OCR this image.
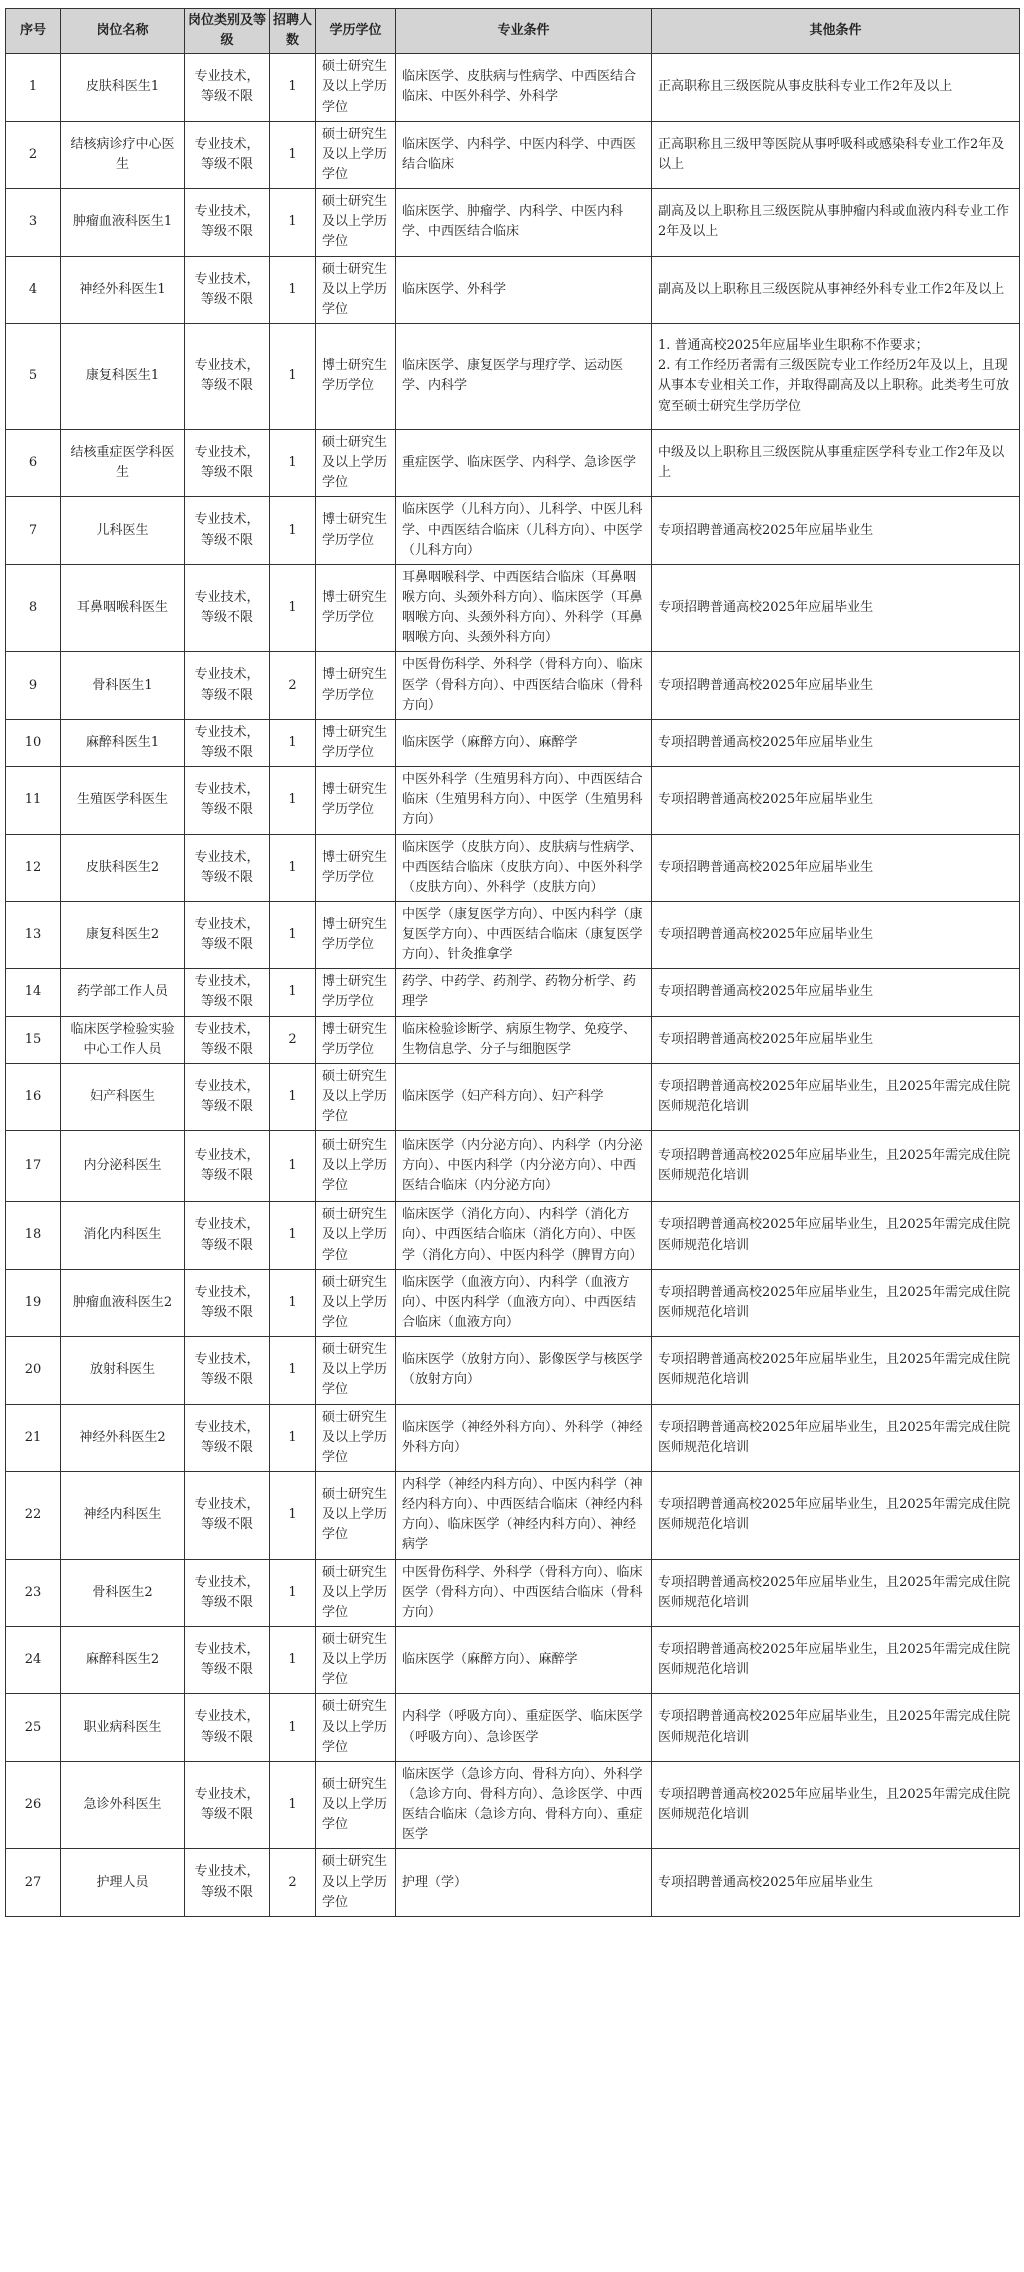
序号	岗位名称	岗位类别及等级	招聘人数	学历学位	专业条件	其他条件
1	皮肤科医生1	专业技术，等级不限	1	硕士研究生及以上学历学位	临床医学、皮肤病与性病学、中西医结合临床、中医外科学、外科学	正高职称且三级医院从事皮肤科专业工作2年及以上
2	结核病诊疗中心医生	专业技术，等级不限	1	硕士研究生及以上学历学位	临床医学、内科学、中医内科学、中西医结合临床	正高职称且三级甲等医院从事呼吸科或感染科专业工作2年及以上
3	肿瘤血液科医生1	专业技术，等级不限	1	硕士研究生及以上学历学位	临床医学、肿瘤学、内科学、中医内科学、中西医结合临床	副高及以上职称且三级医院从事肿瘤内科或血液内科专业工作2年及以上
4	神经外科医生1	专业技术，等级不限	1	硕士研究生及以上学历学位	临床医学、外科学	副高及以上职称且三级医院从事神经外科专业工作2年及以上
5	康复科医生1	专业技术，等级不限	1	博士研究生学历学位	临床医学、康复医学与理疗学、运动医学、内科学	1. 普通高校2025年应届毕业生职称不作要求；
2. 有工作经历者需有三级医院专业工作经历2年及以上，且现从事本专业相关工作，并取得副高及以上职称。此类考生可放宽至硕士研究生学历学位
6	结核重症医学科医生	专业技术，等级不限	1	硕士研究生及以上学历学位	重症医学、临床医学、内科学、急诊医学	中级及以上职称且三级医院从事重症医学科专业工作2年及以上
7	儿科医生	专业技术，等级不限	1	博士研究生学历学位	临床医学（儿科方向）、儿科学、中医儿科学、中西医结合临床（儿科方向）、中医学（儿科方向）	专项招聘普通高校2025年应届毕业生
8	耳鼻咽喉科医生	专业技术，等级不限	1	博士研究生学历学位	耳鼻咽喉科学、中西医结合临床（耳鼻咽喉方向、头颈外科方向）、临床医学（耳鼻咽喉方向、头颈外科方向）、外科学（耳鼻咽喉方向、头颈外科方向）	专项招聘普通高校2025年应届毕业生
9	骨科医生1	专业技术，等级不限	2	博士研究生学历学位	中医骨伤科学、外科学（骨科方向）、临床医学（骨科方向）、中西医结合临床（骨科方向）	专项招聘普通高校2025年应届毕业生
10	麻醉科医生1	专业技术，等级不限	1	博士研究生学历学位	临床医学（麻醉方向）、麻醉学	专项招聘普通高校2025年应届毕业生
11	生殖医学科医生	专业技术，等级不限	1	博士研究生学历学位	中医外科学（生殖男科方向）、中西医结合临床（生殖男科方向）、中医学（生殖男科方向）	专项招聘普通高校2025年应届毕业生
12	皮肤科医生2	专业技术，等级不限	1	博士研究生学历学位	临床医学（皮肤方向）、皮肤病与性病学、中西医结合临床（皮肤方向）、中医外科学（皮肤方向）、外科学（皮肤方向）	专项招聘普通高校2025年应届毕业生
13	康复科医生2	专业技术，等级不限	1	博士研究生学历学位	中医学（康复医学方向）、中医内科学（康复医学方向）、中西医结合临床（康复医学方向）、针灸推拿学	专项招聘普通高校2025年应届毕业生
14	药学部工作人员	专业技术，等级不限	1	博士研究生学历学位	药学、中药学、药剂学、药物分析学、药理学	专项招聘普通高校2025年应届毕业生
15	临床医学检验实验中心工作人员	专业技术，等级不限	2	博士研究生学历学位	临床检验诊断学、病原生物学、免疫学、生物信息学、分子与细胞医学	专项招聘普通高校2025年应届毕业生
16	妇产科医生	专业技术，等级不限	1	硕士研究生及以上学历学位	临床医学（妇产科方向）、妇产科学	专项招聘普通高校2025年应届毕业生，且2025年需完成住院医师规范化培训
17	内分泌科医生	专业技术，等级不限	1	硕士研究生及以上学历学位	临床医学（内分泌方向）、内科学（内分泌方向）、中医内科学（内分泌方向）、中西医结合临床（内分泌方向）	专项招聘普通高校2025年应届毕业生，且2025年需完成住院医师规范化培训
18	消化内科医生	专业技术，等级不限	1	硕士研究生及以上学历学位	临床医学（消化方向）、内科学（消化方向）、中西医结合临床（消化方向）、中医学（消化方向）、中医内科学（脾胃方向）	专项招聘普通高校2025年应届毕业生，且2025年需完成住院医师规范化培训
19	肿瘤血液科医生2	专业技术，等级不限	1	硕士研究生及以上学历学位	临床医学（血液方向）、内科学（血液方向）、中医内科学（血液方向）、中西医结合临床（血液方向）	专项招聘普通高校2025年应届毕业生，且2025年需完成住院医师规范化培训
20	放射科医生	专业技术，等级不限	1	硕士研究生及以上学历学位	临床医学（放射方向）、影像医学与核医学（放射方向）	专项招聘普通高校2025年应届毕业生，且2025年需完成住院医师规范化培训
21	神经外科医生2	专业技术，等级不限	1	硕士研究生及以上学历学位	临床医学（神经外科方向）、外科学（神经外科方向）	专项招聘普通高校2025年应届毕业生，且2025年需完成住院医师规范化培训
22	神经内科医生	专业技术，等级不限	1	硕士研究生及以上学历学位	内科学（神经内科方向）、中医内科学（神经内科方向）、中西医结合临床（神经内科方向）、临床医学（神经内科方向）、神经病学	专项招聘普通高校2025年应届毕业生，且2025年需完成住院医师规范化培训
23	骨科医生2	专业技术，等级不限	1	硕士研究生及以上学历学位	中医骨伤科学、外科学（骨科方向）、临床医学（骨科方向）、中西医结合临床（骨科方向）	专项招聘普通高校2025年应届毕业生，且2025年需完成住院医师规范化培训
24	麻醉科医生2	专业技术，等级不限	1	硕士研究生及以上学历学位	临床医学（麻醉方向）、麻醉学	专项招聘普通高校2025年应届毕业生，且2025年需完成住院医师规范化培训
25	职业病科医生	专业技术，等级不限	1	硕士研究生及以上学历学位	内科学（呼吸方向）、重症医学、临床医学（呼吸方向）、急诊医学	专项招聘普通高校2025年应届毕业生，且2025年需完成住院医师规范化培训
26	急诊外科医生	专业技术，等级不限	1	硕士研究生及以上学历学位	临床医学（急诊方向、骨科方向）、外科学（急诊方向、骨科方向）、急诊医学、中西医结合临床（急诊方向、骨科方向）、重症医学	专项招聘普通高校2025年应届毕业生，且2025年需完成住院医师规范化培训
27	护理人员	专业技术，等级不限	2	硕士研究生及以上学历学位	护理（学）	专项招聘普通高校2025年应届毕业生
